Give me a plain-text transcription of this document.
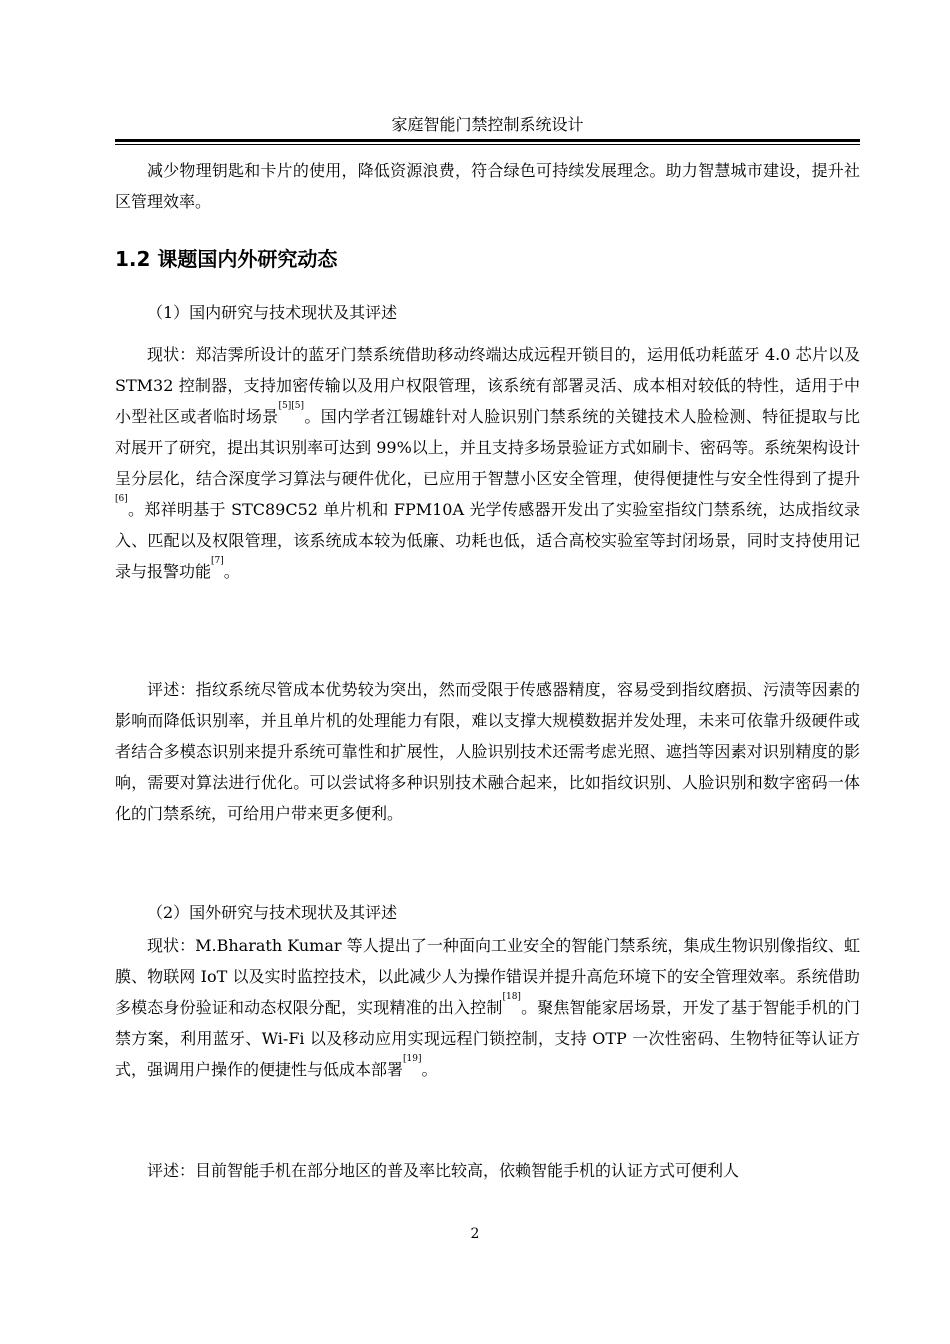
家庭智能门禁控制系统设计

减少物理钥匙和卡片的使用，降低资源浪费，符合绿色可持续发展理念。助力智慧城市建设，提升社区管理效率。

1.2 课题国内外研究动态

（1）国内研究与技术现状及其评述

现状：郑洁霁所设计的蓝牙门禁系统借助移动终端达成远程开锁目的，运用低功耗蓝牙 4.0 芯片以及 STM32 控制器，支持加密传输以及用户权限管理，该系统有部署灵活、成本相对较低的特性，适用于中小型社区或者临时场景[5][5]。国内学者江锡雄针对人脸识别门禁系统的关键技术人脸检测、特征提取与比对展开了研究，提出其识别率可达到 99%以上，并且支持多场景验证方式如刷卡、密码等。系统架构设计呈分层化，结合深度学习算法与硬件优化，已应用于智慧小区安全管理，使得便捷性与安全性得到了提升[6]。郑祥明基于 STC89C52 单片机和 FPM10A 光学传感器开发出了实验室指纹门禁系统，达成指纹录入、匹配以及权限管理，该系统成本较为低廉、功耗也低，适合高校实验室等封闭场景，同时支持使用记录与报警功能[7]。

评述：指纹系统尽管成本优势较为突出，然而受限于传感器精度，容易受到指纹磨损、污渍等因素的影响而降低识别率，并且单片机的处理能力有限，难以支撑大规模数据并发处理，未来可依靠升级硬件或者结合多模态识别来提升系统可靠性和扩展性，人脸识别技术还需考虑光照、遮挡等因素对识别精度的影响，需要对算法进行优化。可以尝试将多种识别技术融合起来，比如指纹识别、人脸识别和数字密码一体化的门禁系统，可给用户带来更多便利。

（2）国外研究与技术现状及其评述

现状：M.Bharath Kumar 等人提出了一种面向工业安全的智能门禁系统，集成生物识别像指纹、虹膜、物联网 IoT 以及实时监控技术，以此减少人为操作错误并提升高危环境下的安全管理效率。系统借助多模态身份验证和动态权限分配，实现精准的出入控制[18]。聚焦智能家居场景，开发了基于智能手机的门禁方案，利用蓝牙、Wi-Fi 以及移动应用实现远程门锁控制，支持 OTP 一次性密码、生物特征等认证方式，强调用户操作的便捷性与低成本部署[19]。

评述：目前智能手机在部分地区的普及率比较高，依赖智能手机的认证方式可便利人

2
